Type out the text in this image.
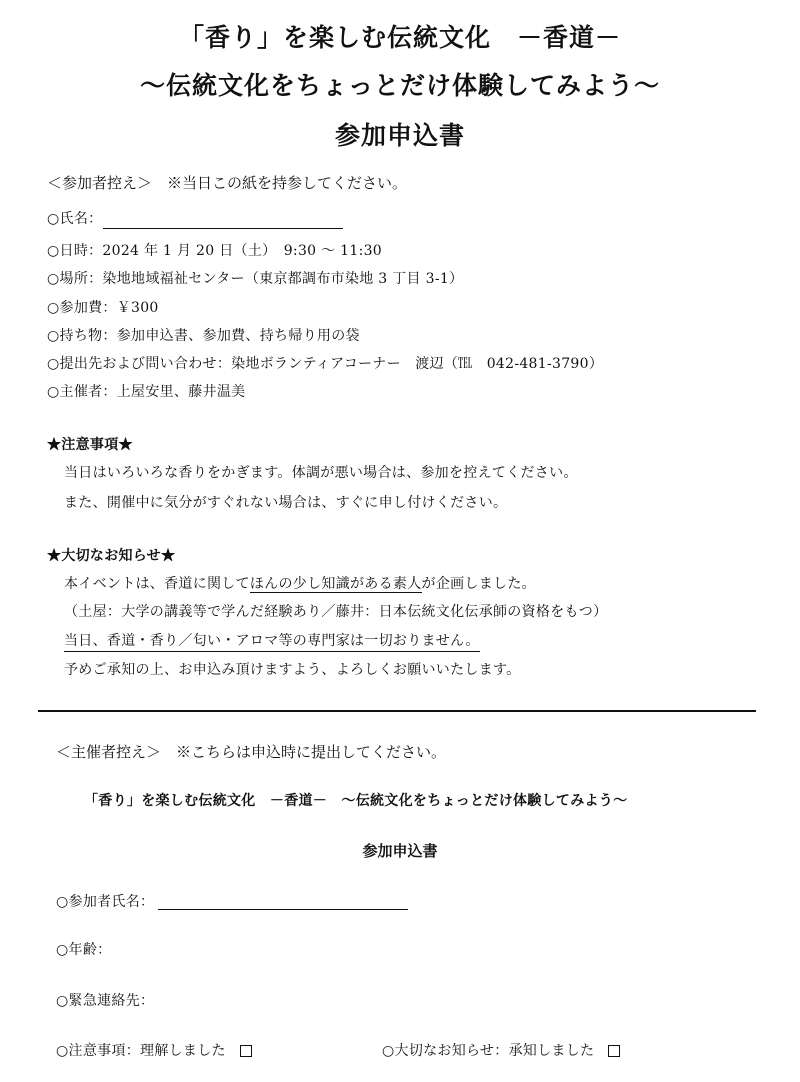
「香り」を楽しむ伝統文化　－香道－
～伝統文化をちょっとだけ体験してみよう～
参加申込書
＜参加者控え＞　※当日この紙を持参してください。
○氏名：
○日時：2024 年 1 月 20 日（土）　9:30 ～ 11:30
○場所：染地地域福祉センター（東京都調布市染地 3 丁目 3-1）
○参加費：￥300
○持ち物：参加申込書、参加費、持ち帰り用の袋
○提出先および問い合わせ：染地ボランティアコーナー　渡辺（℡　042-481-3790）
○主催者：上屋安里、藤井温美
★注意事項★
当日はいろいろな香りをかぎます。体調が悪い場合は、参加を控えてください。
また、開催中に気分がすぐれない場合は、すぐに申し付けください。
★大切なお知らせ★
本イベントは、香道に関してほんの少し知識がある素人が企画しました。
（土屋：大学の講義等で学んだ経験あり／藤井：日本伝統文化伝承師の資格をもつ）
当日、香道・香り／匂い・アロマ等の専門家は一切おりません。
予めご承知の上、お申込み頂けますよう、よろしくお願いいたします。
＜主催者控え＞　※こちらは申込時に提出してください。
「香り」を楽しむ伝統文化　－香道－　～伝統文化をちょっとだけ体験してみよう～
参加申込書
○参加者氏名：
○年齢：
○緊急連絡先：
○注意事項：理解しました	○大切なお知らせ：承知しました
